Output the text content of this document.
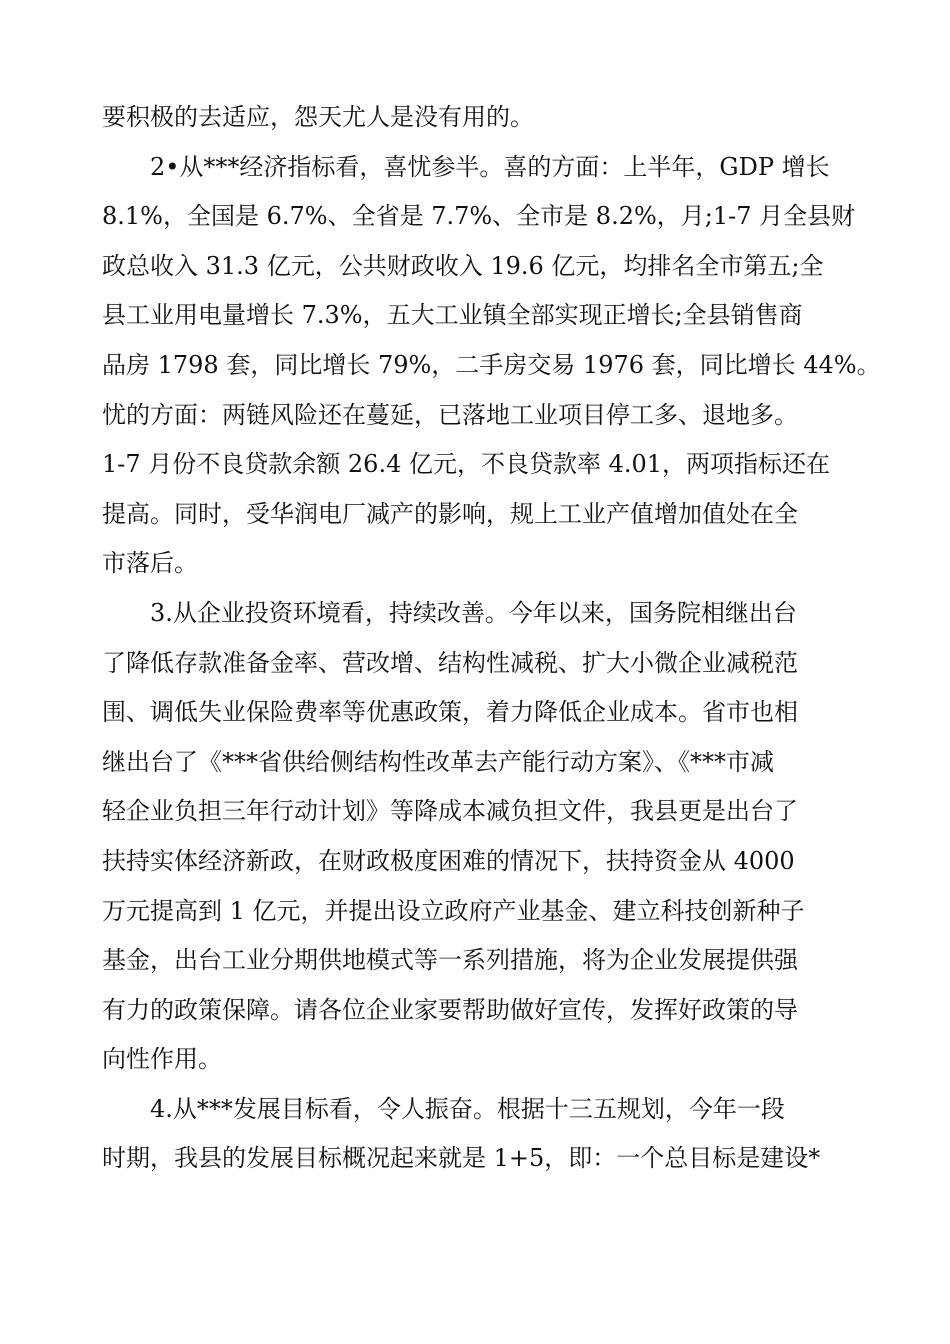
要积极的去适应，怨天尤人是没有用的。
2•从***经济指标看，喜忧参半。喜的方面：上半年，GDP 增长
8.1%，全国是 6.7%、全省是 7.7%、全市是 8.2%，月;1-7 月全县财
政总收入 31.3 亿元，公共财政收入 19.6 亿元，均排名全市第五;全
县工业用电量增长 7.3%，五大工业镇全部实现正增长;全县销售商
品房 1798 套，同比增长 79%，二手房交易 1976 套，同比增长 44%。
忧的方面：两链风险还在蔓延，已落地工业项目停工多、退地多。
1-7 月份不良贷款余额 26.4 亿元，不良贷款率 4.01，两项指标还在
提高。同时，受华润电厂减产的影响，规上工业产值增加值处在全
市落后。
3.从企业投资环境看，持续改善。今年以来，国务院相继出台
了降低存款准备金率、营改增、结构性减税、扩大小微企业减税范
围、调低失业保险费率等优惠政策，着力降低企业成本。省市也相
继出台了《***省供给侧结构性改革去产能行动方案》、《***市减
轻企业负担三年行动计划》等降成本减负担文件，我县更是出台了
扶持实体经济新政，在财政极度困难的情况下，扶持资金从 4000
万元提高到 1 亿元，并提出设立政府产业基金、建立科技创新种子
基金，出台工业分期供地模式等一系列措施，将为企业发展提供强
有力的政策保障。请各位企业家要帮助做好宣传，发挥好政策的导
向性作用。
4.从***发展目标看，令人振奋。根据十三五规划，今年一段
时期，我县的发展目标概况起来就是 1+5，即：一个总目标是建设*
